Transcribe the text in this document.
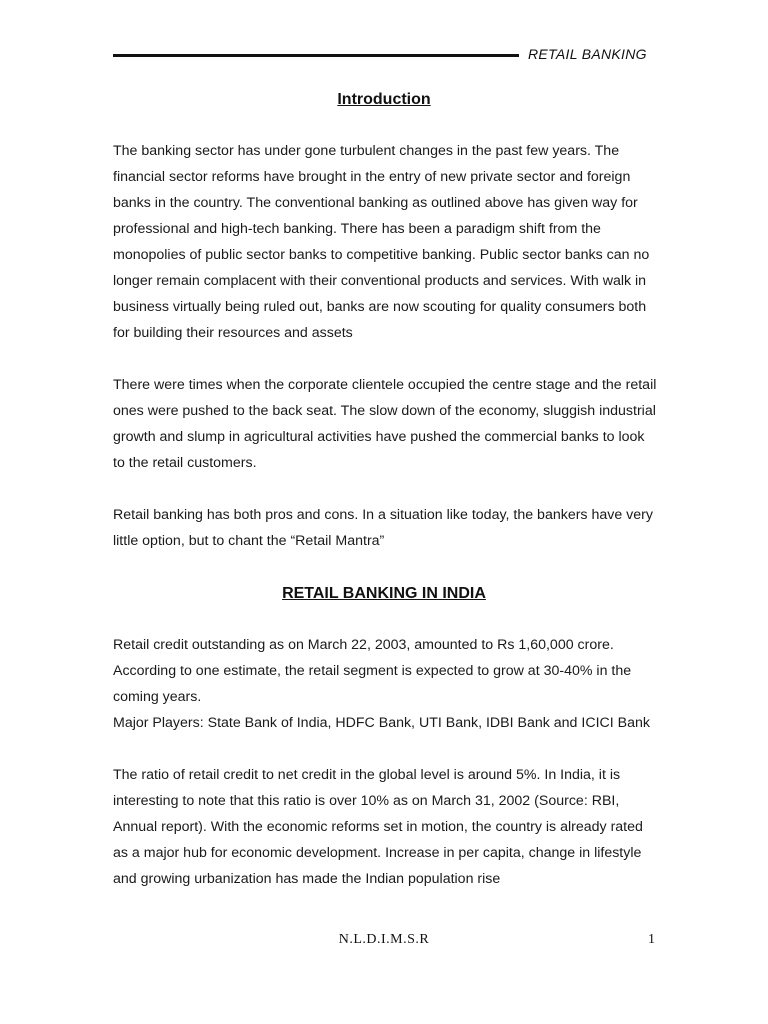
RETAIL BANKING
Introduction

The banking sector has under gone turbulent changes in the past few years. The financial sector reforms have brought in the entry of new private sector and foreign banks in the country. The conventional banking as outlined above has given way for professional and high-tech banking. There has been a paradigm shift from the monopolies of public sector banks to competitive banking. Public sector banks can no longer remain complacent with their conventional products and services. With walk in business virtually being ruled out, banks are now scouting for quality consumers both for building their resources and assets

There were times when the corporate clientele occupied the centre stage and the retail ones were pushed to the back seat. The slow down of the economy, sluggish industrial growth and slump in agricultural activities have pushed the commercial banks to look to the retail customers.

Retail banking has both pros and cons. In a situation like today, the bankers have very little option, but to chant the “Retail Mantra”

RETAIL BANKING IN INDIA

Retail credit outstanding as on March 22, 2003, amounted to Rs 1,60,000 crore. According to one estimate, the retail segment is expected to grow at 30-40% in the coming years.

Major Players: State Bank of India, HDFC Bank, UTI Bank, IDBI Bank and ICICI Bank

The ratio of retail credit to net credit in the global level is around 5%. In India, it is interesting to note that this ratio is over 10% as on March 31, 2002 (Source: RBI, Annual report). With the economic reforms set in motion, the country is already rated as a major hub for economic development. Increase in per capita, change in lifestyle and growing urbanization has made the Indian population rise

N.L.D.I.M.S.R	1
